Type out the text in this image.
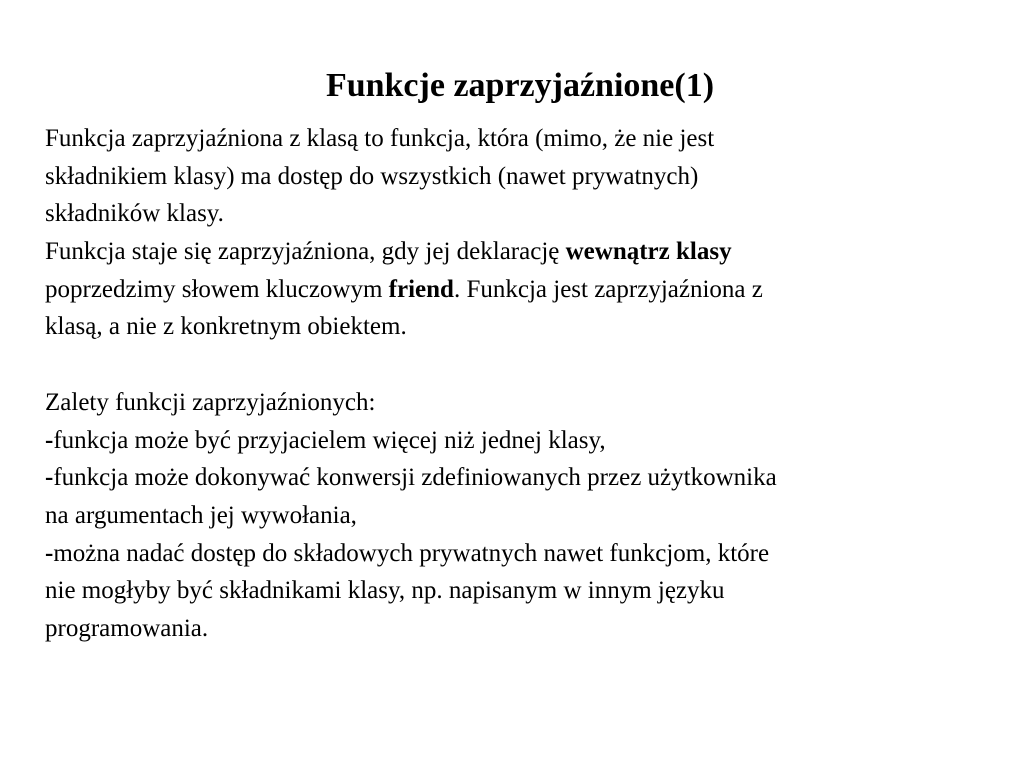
Funkcje zaprzyjaźnione(1)
Funkcja zaprzyjaźniona z klasą to funkcja, która (mimo, że nie jest
składnikiem klasy) ma dostęp do wszystkich (nawet prywatnych)
składników klasy.
Funkcja staje się zaprzyjaźniona, gdy jej deklarację wewnątrz klasy
poprzedzimy słowem kluczowym friend. Funkcja jest zaprzyjaźniona z
klasą, a nie z konkretnym obiektem.
Zalety funkcji zaprzyjaźnionych:
-funkcja może być przyjacielem więcej niż jednej klasy,
-funkcja może dokonywać konwersji zdefiniowanych przez użytkownika
na argumentach jej wywołania,
-można nadać dostęp do składowych prywatnych nawet funkcjom, które
nie mogłyby być składnikami klasy, np. napisanym w innym języku
programowania.
